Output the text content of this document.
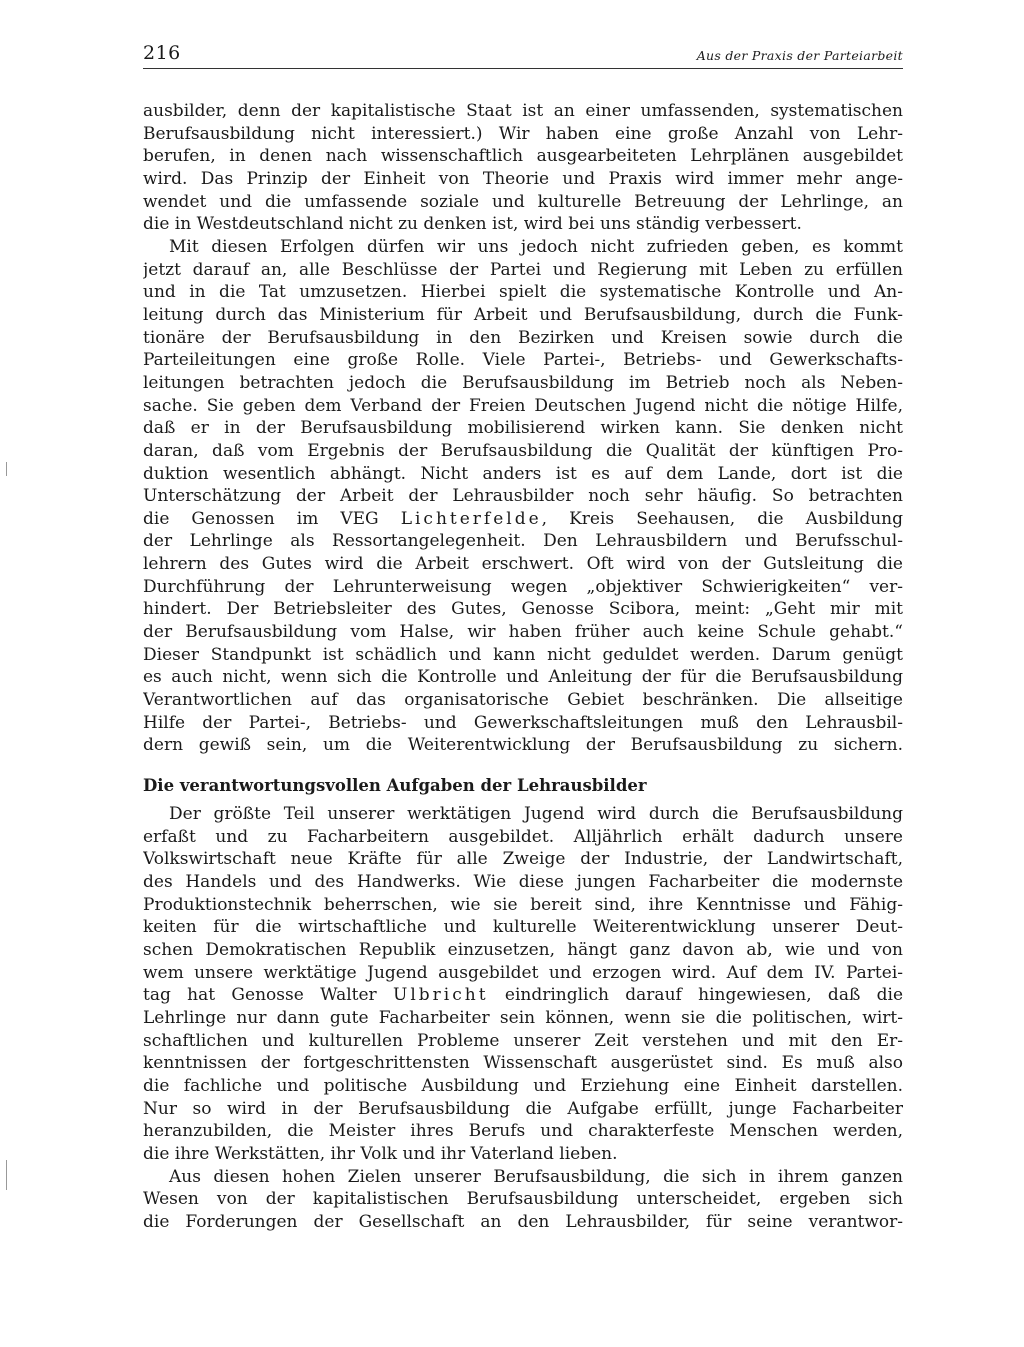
216	Aus der Praxis der Parteiarbeit
ausbilder, denn der kapitalistische Staat ist an einer umfassenden, systematischen
Berufsausbildung nicht interessiert.) Wir haben eine große Anzahl von Lehr-
berufen, in denen nach wissenschaftlich ausgearbeiteten Lehrplänen ausgebildet
wird. Das Prinzip der Einheit von Theorie und Praxis wird immer mehr ange-
wendet und die umfassende soziale und kulturelle Betreuung der Lehrlinge, an
die in Westdeutschland nicht zu denken ist, wird bei uns ständig verbessert.
Mit diesen Erfolgen dürfen wir uns jedoch nicht zufrieden geben, es kommt
jetzt darauf an, alle Beschlüsse der Partei und Regierung mit Leben zu erfüllen
und in die Tat umzusetzen. Hierbei spielt die systematische Kontrolle und An-
leitung durch das Ministerium für Arbeit und Berufsausbildung, durch die Funk-
tionäre der Berufsausbildung in den Bezirken und Kreisen sowie durch die
Parteileitungen eine große Rolle. Viele Partei-, Betriebs- und Gewerkschafts-
leitungen betrachten jedoch die Berufsausbildung im Betrieb noch als Neben-
sache. Sie geben dem Verband der Freien Deutschen Jugend nicht die nötige Hilfe,
daß er in der Berufsausbildung mobilisierend wirken kann. Sie denken nicht
daran, daß vom Ergebnis der Berufsausbildung die Qualität der künftigen Pro-
duktion wesentlich abhängt. Nicht anders ist es auf dem Lande, dort ist die
Unterschätzung der Arbeit der Lehrausbilder noch sehr häufig. So betrachten
die Genossen im VEG Lichterfelde, Kreis Seehausen, die Ausbildung
der Lehrlinge als Ressortangelegenheit. Den Lehrausbildern und Berufsschul-
lehrern des Gutes wird die Arbeit erschwert. Oft wird von der Gutsleitung die
Durchführung der Lehrunterweisung wegen „objektiver Schwierigkeiten“ ver-
hindert. Der Betriebsleiter des Gutes, Genosse Scibora, meint: „Geht mir mit
der Berufsausbildung vom Halse, wir haben früher auch keine Schule gehabt.“
Dieser Standpunkt ist schädlich und kann nicht geduldet werden. Darum genügt
es auch nicht, wenn sich die Kontrolle und Anleitung der für die Berufsausbildung
Verantwortlichen auf das organisatorische Gebiet beschränken. Die allseitige
Hilfe der Partei-, Betriebs- und Gewerkschaftsleitungen muß den Lehrausbil-
dern gewiß sein, um die Weiterentwicklung der Berufsausbildung zu sichern.
Die verantwortungsvollen Aufgaben der Lehrausbilder
Der größte Teil unserer werktätigen Jugend wird durch die Berufsausbildung
erfaßt und zu Facharbeitern ausgebildet. Alljährlich erhält dadurch unsere
Volkswirtschaft neue Kräfte für alle Zweige der Industrie, der Landwirtschaft,
des Handels und des Handwerks. Wie diese jungen Facharbeiter die modernste
Produktionstechnik beherrschen, wie sie bereit sind, ihre Kenntnisse und Fähig-
keiten für die wirtschaftliche und kulturelle Weiterentwicklung unserer Deut-
schen Demokratischen Republik einzusetzen, hängt ganz davon ab, wie und von
wem unsere werktätige Jugend ausgebildet und erzogen wird. Auf dem IV. Partei-
tag hat Genosse Walter Ulbricht eindringlich darauf hingewiesen, daß die
Lehrlinge nur dann gute Facharbeiter sein können, wenn sie die politischen, wirt-
schaftlichen und kulturellen Probleme unserer Zeit verstehen und mit den Er-
kenntnissen der fortgeschrittensten Wissenschaft ausgerüstet sind. Es muß also
die fachliche und politische Ausbildung und Erziehung eine Einheit darstellen.
Nur so wird in der Berufsausbildung die Aufgabe erfüllt, junge Facharbeiter
heranzubilden, die Meister ihres Berufs und charakterfeste Menschen werden,
die ihre Werkstätten, ihr Volk und ihr Vaterland lieben.
Aus diesen hohen Zielen unserer Berufsausbildung, die sich in ihrem ganzen
Wesen von der kapitalistischen Berufsausbildung unterscheidet, ergeben sich
die Forderungen der Gesellschaft an den Lehrausbilder, für seine verantwor-
